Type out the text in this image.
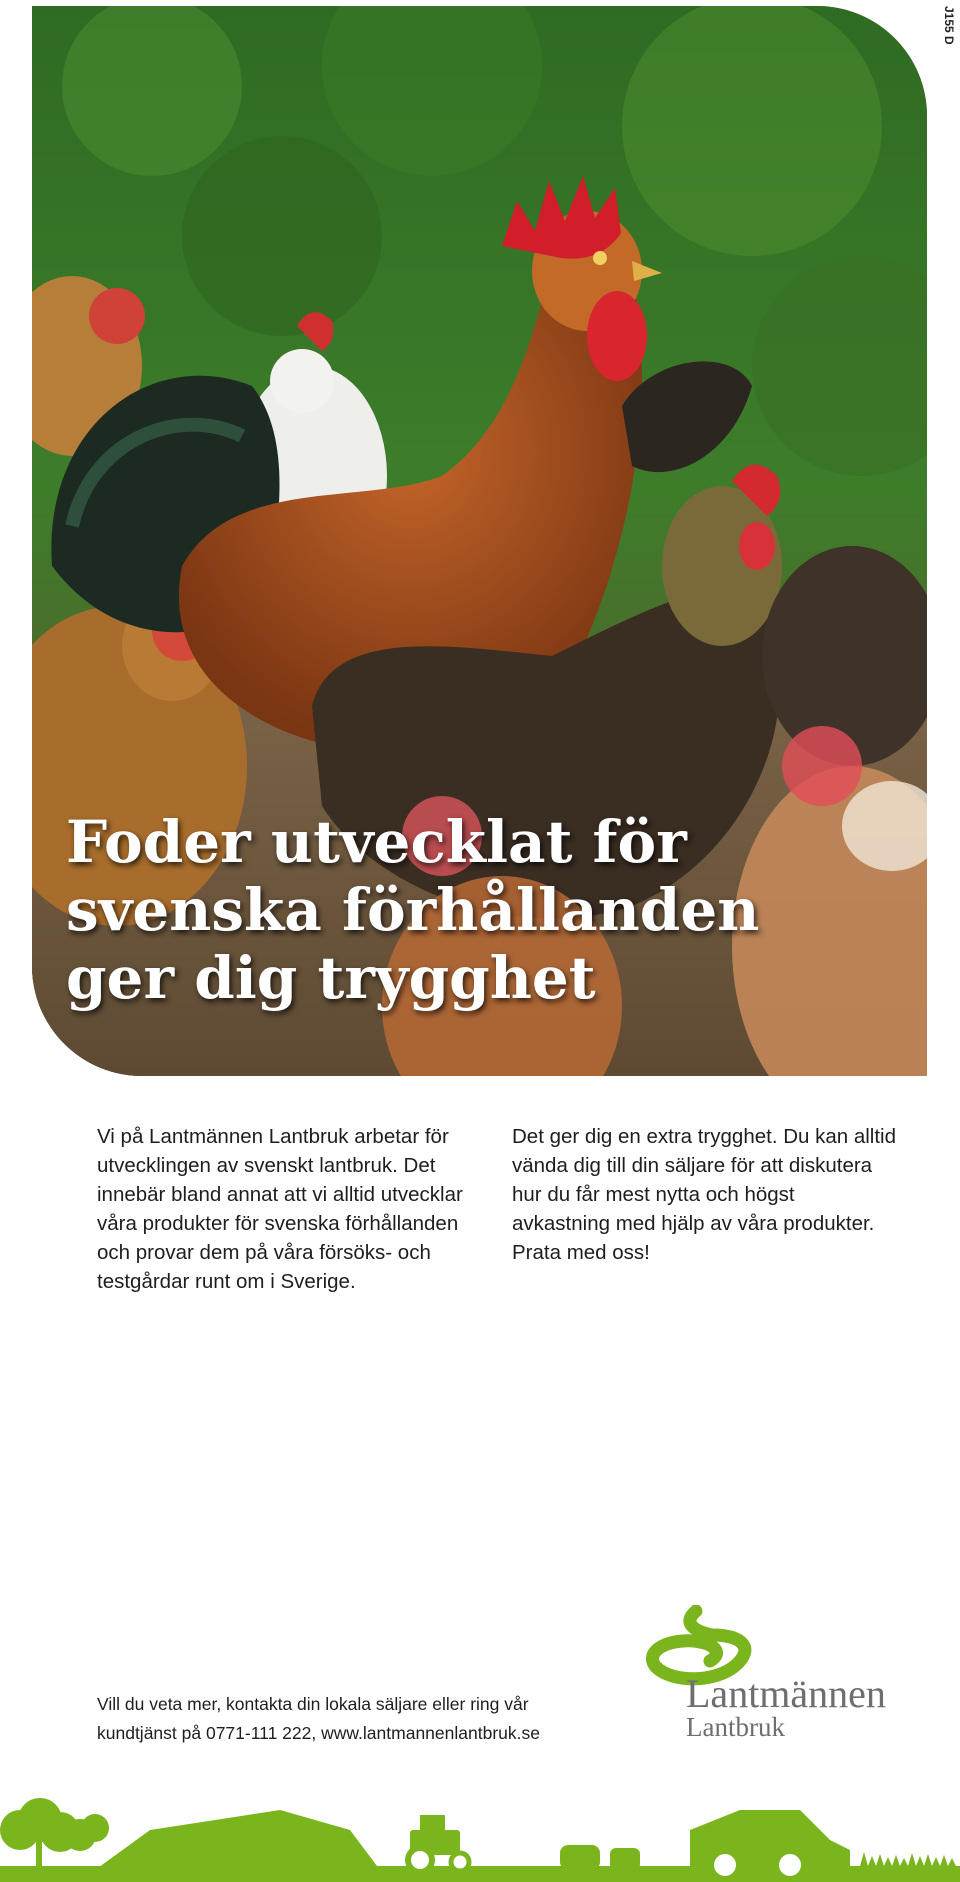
J155 D
Foder utvecklat för
svenska förhållanden
ger dig trygghet

Vi på Lantmännen Lantbruk arbetar för utvecklingen av svenskt lantbruk. Det innebär bland annat att vi alltid utvecklar våra produkter för svenska förhållanden och provar dem på våra försöks- och testgårdar runt om i Sverige.

Det ger dig en extra trygghet. Du kan alltid vända dig till din säljare för att diskutera hur du får mest nytta och högst avkastning med hjälp av våra produkter. Prata med oss!

Vill du veta mer, kontakta din lokala säljare eller ring vår
kundtjänst på 0771-111 222, www.lantmannenlantbruk.se

Lantmännen

Lantbruk
